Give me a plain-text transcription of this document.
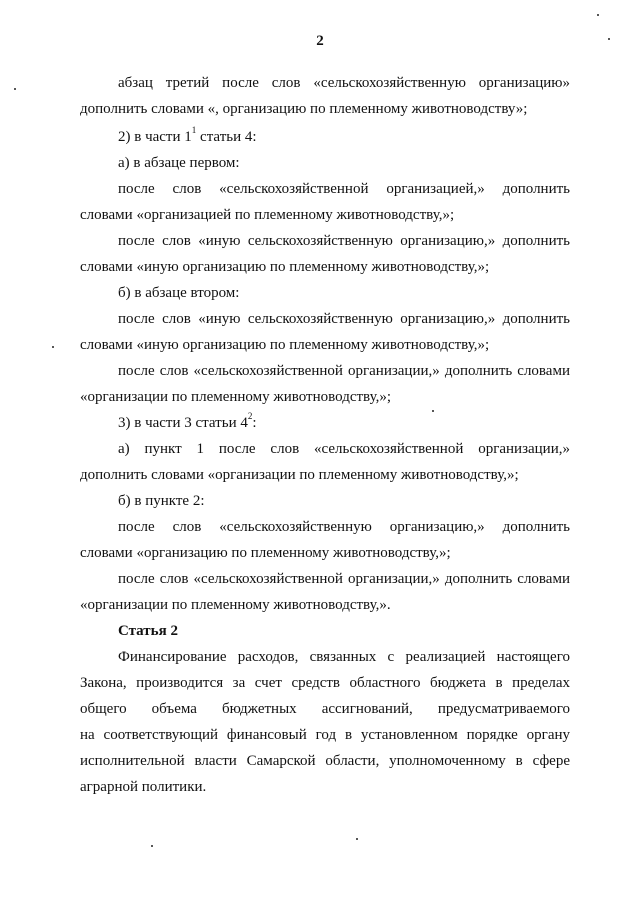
2

абзац третий после слов «сельскохозяйственную организацию»

дополнить словами «, организацию по племенному животноводству»;

2) в части $1^1$ статьи 4:

а) в абзаце первом:

после слов «сельскохозяйственной организацией,» дополнить

словами «организацией по племенному животноводству,»;

после слов «иную сельскохозяйственную организацию,» дополнить

словами «иную организацию по племенному животноводству,»;

б) в абзаце втором:

после слов «иную сельскохозяйственную организацию,» дополнить

словами «иную организацию по племенному животноводству,»;

после слов «сельскохозяйственной организации,» дополнить словами

«организации по племенному животноводству,»;

3) в части 3 статьи $4^2$:

а) пункт 1 после слов «сельскохозяйственной организации,»

дополнить словами «организации по племенному животноводству,»;

б) в пункте 2:

после слов «сельскохозяйственную организацию,» дополнить

словами «организацию по племенному животноводству,»;

после слов «сельскохозяйственной организации,» дополнить словами

«организации по племенному животноводству,».

Статья 2

Финансирование расходов, связанных с реализацией настоящего

Закона, производится за счет средств областного бюджета в пределах

общего объема бюджетных ассигнований, предусматриваемого

на соответствующий финансовый год в установленном порядке органу

исполнительной власти Самарской области, уполномоченному в сфере

аграрной политики.
